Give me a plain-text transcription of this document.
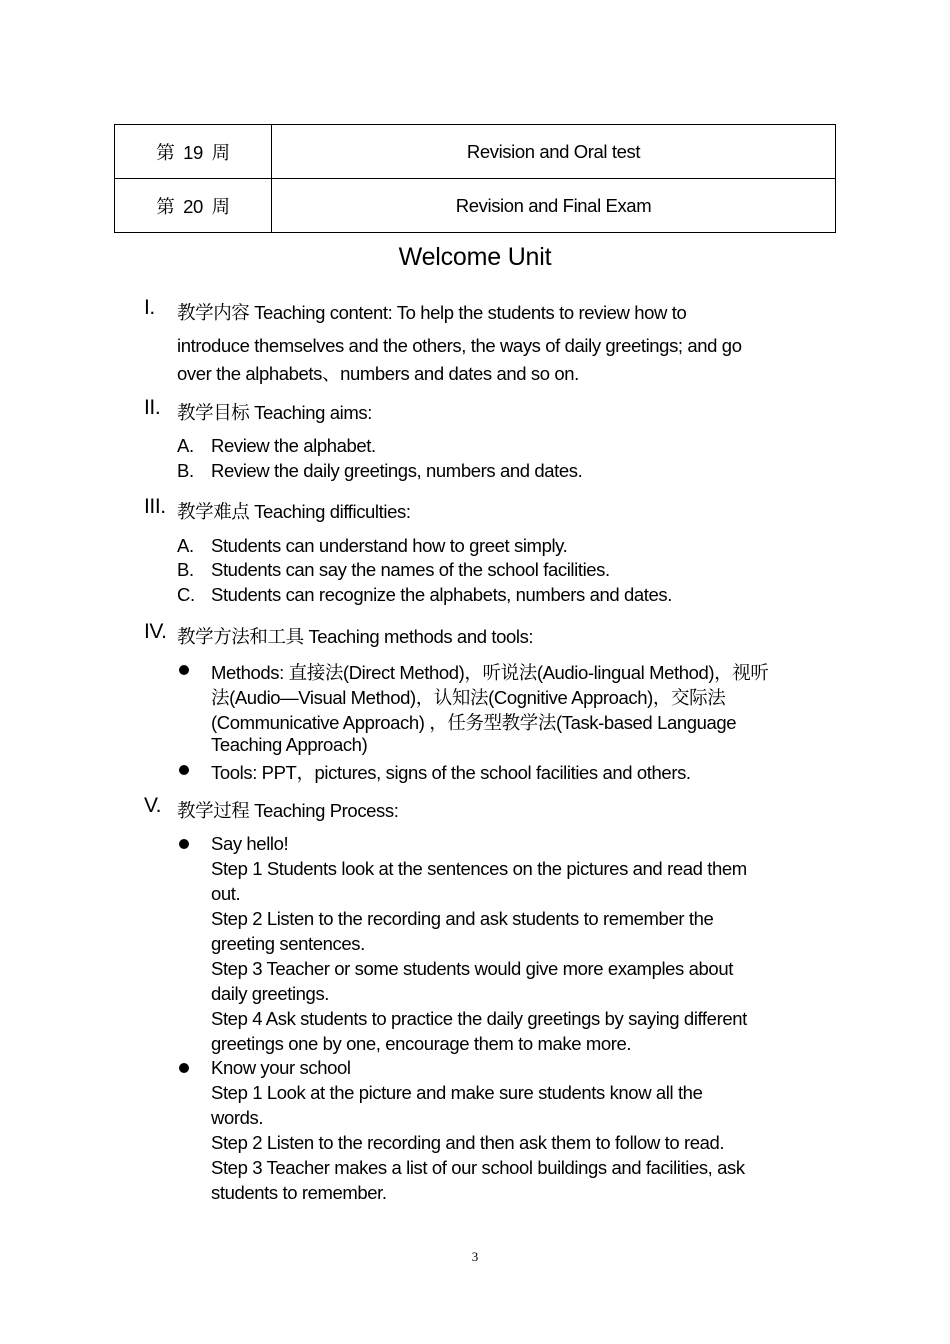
第 19 周	Revision and Oral test
第 20 周	Revision and Final Exam
Welcome Unit
I. 教学内容 Teaching content: To help the students to review how to
introduce themselves and the others, the ways of daily greetings; and go
over the alphabets、numbers and dates and so on.
II. 教学目标 Teaching aims:
A. Review the alphabet.
B. Review the daily greetings, numbers and dates.
III. 教学难点 Teaching difficulties:
A. Students can understand how to greet simply.
B. Students can say the names of the school facilities.
C. Students can recognize the alphabets, numbers and dates.
IV. 教学方法和工具 Teaching methods and tools:
Methods: 直接法(Direct Method)，听说法(Audio-lingual Method)，视听
法(Audio—Visual Method)，认知法(Cognitive Approach)，交际法
(Communicative Approach) ，任务型教学法(Task-based Language
Teaching Approach)
Tools: PPT，pictures, signs of the school facilities and others.
V. 教学过程 Teaching Process:
Say hello!
Step 1 Students look at the sentences on the pictures and read them
out.
Step 2 Listen to the recording and ask students to remember the
greeting sentences.
Step 3 Teacher or some students would give more examples about
daily greetings.
Step 4 Ask students to practice the daily greetings by saying different
greetings one by one, encourage them to make more.
Know your school
Step 1 Look at the picture and make sure students know all the
words.
Step 2 Listen to the recording and then ask them to follow to read.
Step 3 Teacher makes a list of our school buildings and facilities, ask
students to remember.
3
